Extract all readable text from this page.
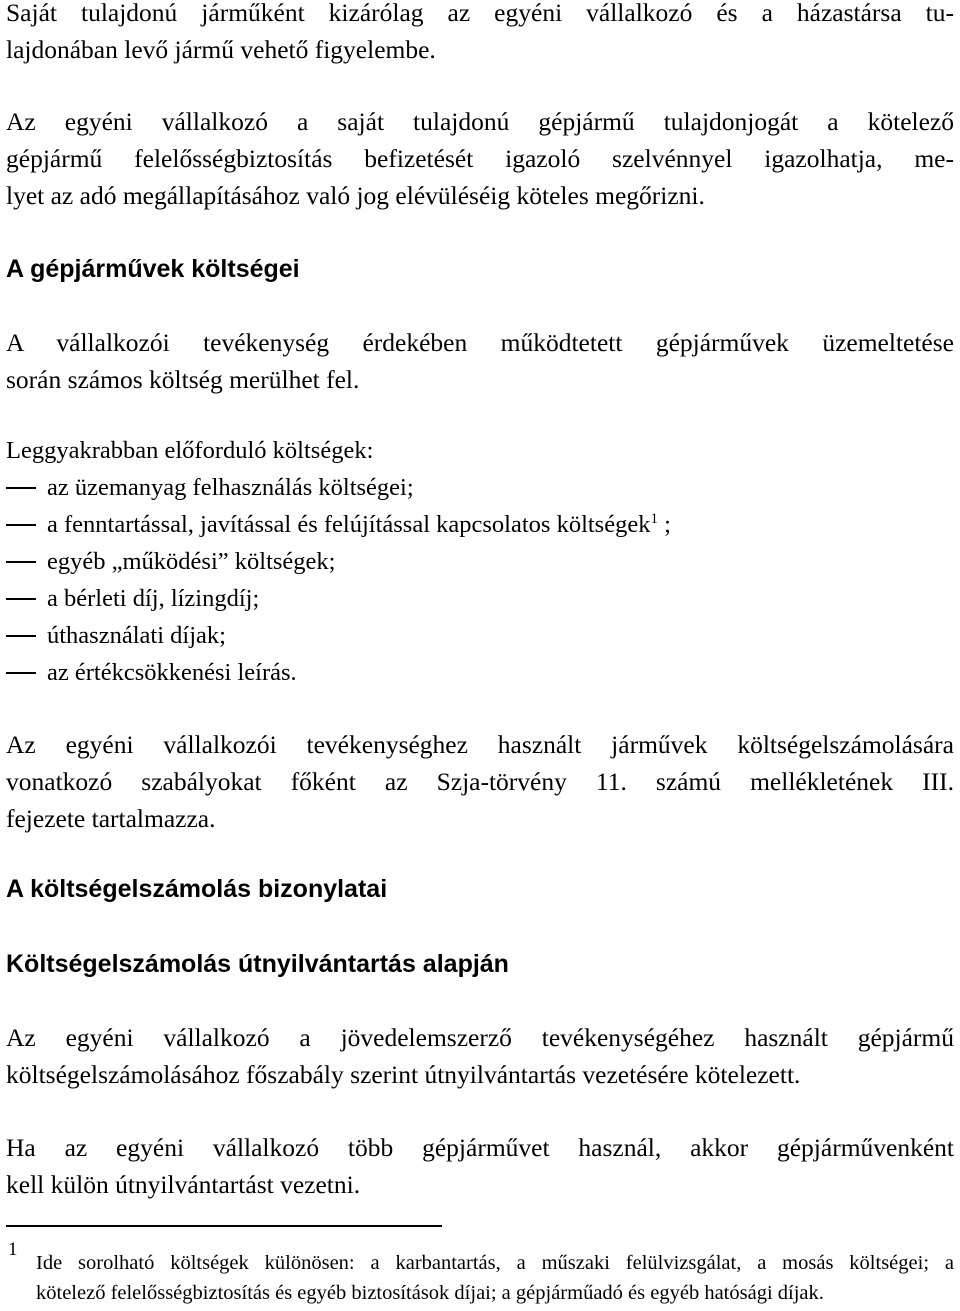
Saját tulajdonú járműként kizárólag az egyéni vállalkozó és a házastársa tu-
lajdonában levő jármű vehető figyelembe.

Az egyéni vállalkozó a saját tulajdonú gépjármű tulajdonjogát a kötelező
gépjármű felelősségbiztosítás befizetését igazoló szelvénnyel igazolhatja, me-
lyet az adó megállapításához való jog elévüléséig köteles megőrizni.

A gépjárművek költségei

A vállalkozói tevékenység érdekében működtetett gépjárművek üzemeltetése
során számos költség merülhet fel.

Leggyakrabban előforduló költségek:
az üzemanyag felhasználás költségei;
a fenntartással, javítással és felújítással kapcsolatos költségek$^1$ ;
egyéb „működési” költségek;
a bérleti díj, lízingdíj;
úthasználati díjak;
az értékcsökkenési leírás.

Az egyéni vállalkozói tevékenységhez használt járművek költségelszámolására
vonatkozó szabályokat főként az Szja-törvény 11. számú mellékletének III.
fejezete tartalmazza.

A költségelszámolás bizonylatai
Költségelszámolás útnyilvántartás alapján

Az egyéni vállalkozó a jövedelemszerző tevékenységéhez használt gépjármű
költségelszámolásához főszabály szerint útnyilvántartás vezetésére kötelezett.

Ha az egyéni vállalkozó több gépjárművet használ, akkor gépjárművenként
kell külön útnyilvántartást vezetni.

1
Ide sorolható költségek különösen: a karbantartás, a műszaki felülvizsgálat, a mosás költségei; a
kötelező felelősségbiztosítás és egyéb biztosítások díjai; a gépjárműadó és egyéb hatósági díjak.
